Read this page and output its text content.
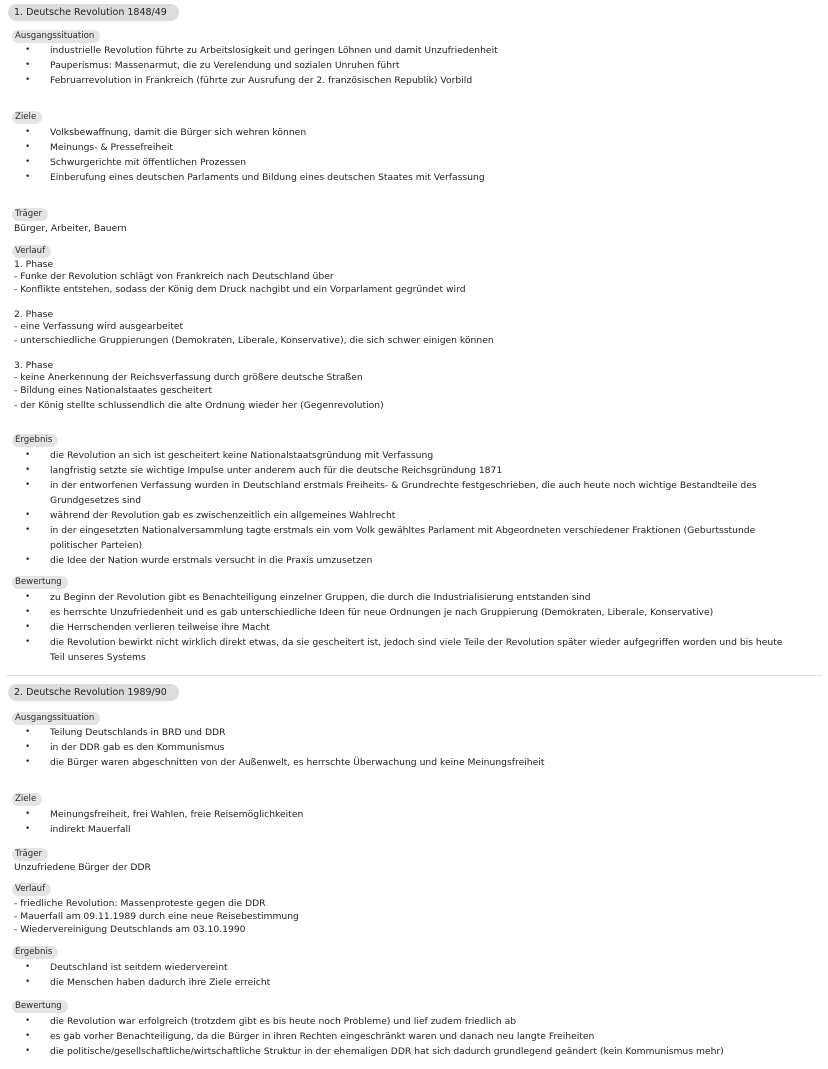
1. Deutsche Revolution 1848/49
Ausgangssituation
• industrielle Revolution führte zu Arbeitslosigkeit und geringen Löhnen und damit Unzufriedenheit
• Pauperismus: Massenarmut, die zu Verelendung und sozialen Unruhen führt
• Februarrevolution in Frankreich (führte zur Ausrufung der 2. französischen Republik) Vorbild
Ziele
• Volksbewaffnung, damit die Bürger sich wehren können
• Meinungs- & Pressefreiheit
• Schwurgerichte mit öffentlichen Prozessen
• Einberufung eines deutschen Parlaments und Bildung eines deutschen Staates mit Verfassung
Träger
Bürger, Arbeiter, Bauern
Verlauf
1. Phase
- Funke der Revolution schlägt von Frankreich nach Deutschland über
- Konflikte entstehen, sodass der König dem Druck nachgibt und ein Vorparlament gegründet wird
2. Phase
- eine Verfassung wird ausgearbeitet
- unterschiedliche Gruppierungen (Demokraten, Liberale, Konservative), die sich schwer einigen können
3. Phase
- keine Anerkennung der Reichsverfassung durch größere deutsche Straßen
- Bildung eines Nationalstaates gescheitert
- der König stellte schlussendlich die alte Ordnung wieder her (Gegenrevolution)
Ergebnis
• die Revolution an sich ist gescheitert keine Nationalstaatsgründung mit Verfassung
• langfristig setzte sie wichtige Impulse unter anderem auch für die deutsche Reichsgründung 1871
• in der entworfenen Verfassung wurden in Deutschland erstmals Freiheits- & Grundrechte festgeschrieben, die auch heute noch wichtige Bestandteile des Grundgesetzes sind
• während der Revolution gab es zwischenzeitlich ein allgemeines Wahlrecht
• in der eingesetzten Nationalversammlung tagte erstmals ein vom Volk gewähltes Parlament mit Abgeordneten verschiedener Fraktionen (Geburtsstunde politischer Parteien)
• die Idee der Nation wurde erstmals versucht in die Praxis umzusetzen
Bewertung
• zu Beginn der Revolution gibt es Benachteiligung einzelner Gruppen, die durch die Industrialisierung entstanden sind
• es herrschte Unzufriedenheit und es gab unterschiedliche Ideen für neue Ordnungen je nach Gruppierung (Demokraten, Liberale, Konservative)
• die Herrschenden verlieren teilweise ihre Macht
• die Revolution bewirkt nicht wirklich direkt etwas, da sie gescheitert ist, jedoch sind viele Teile der Revolution später wieder aufgegriffen worden und bis heute Teil unseres Systems
2. Deutsche Revolution 1989/90
Ausgangssituation
• Teilung Deutschlands in BRD und DDR
• in der DDR gab es den Kommunismus
• die Bürger waren abgeschnitten von der Außenwelt, es herrschte Überwachung und keine Meinungsfreiheit
Ziele
• Meinungsfreiheit, frei Wahlen, freie Reisemöglichkeiten
• indirekt Mauerfall
Träger
Unzufriedene Bürger der DDR
Verlauf
- friedliche Revolution: Massenproteste gegen die DDR
- Mauerfall am 09.11.1989 durch eine neue Reisebestimmung
- Wiedervereinigung Deutschlands am 03.10.1990
Ergebnis
• Deutschland ist seitdem wiedervereint
• die Menschen haben dadurch ihre Ziele erreicht
Bewertung
• die Revolution war erfolgreich (trotzdem gibt es bis heute noch Probleme) und lief zudem friedlich ab
• es gab vorher Benachteiligung, da die Bürger in ihren Rechten eingeschränkt waren und danach neu langte Freiheiten
• die politische/gesellschaftliche/wirtschaftliche Struktur in der ehemaligen DDR hat sich dadurch grundlegend geändert (kein Kommunismus mehr)
